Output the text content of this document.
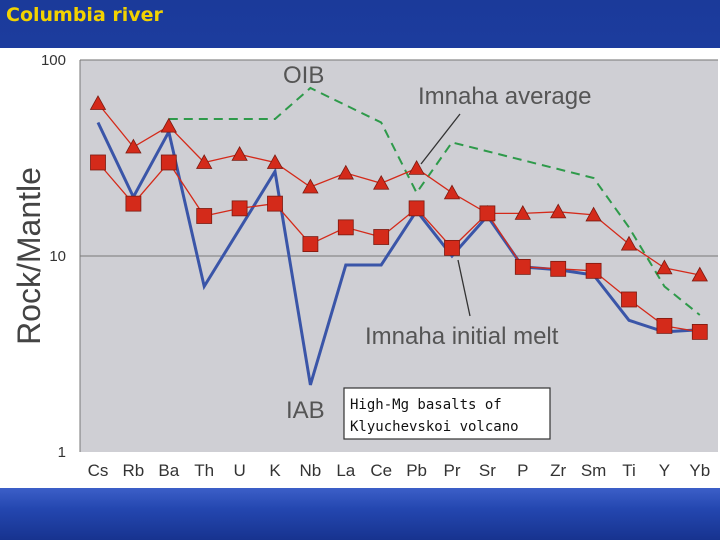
Columbia river
1
10
100
Cs Rb Ba Th U K Nb La Ce Pb Pr Sr P Zr Sm Ti Y Yb
Rock/Mantle
OIB
Imnaha average
Imnaha initial melt
IAB High-Mg basalts of
Klyuchevskoi volcano
